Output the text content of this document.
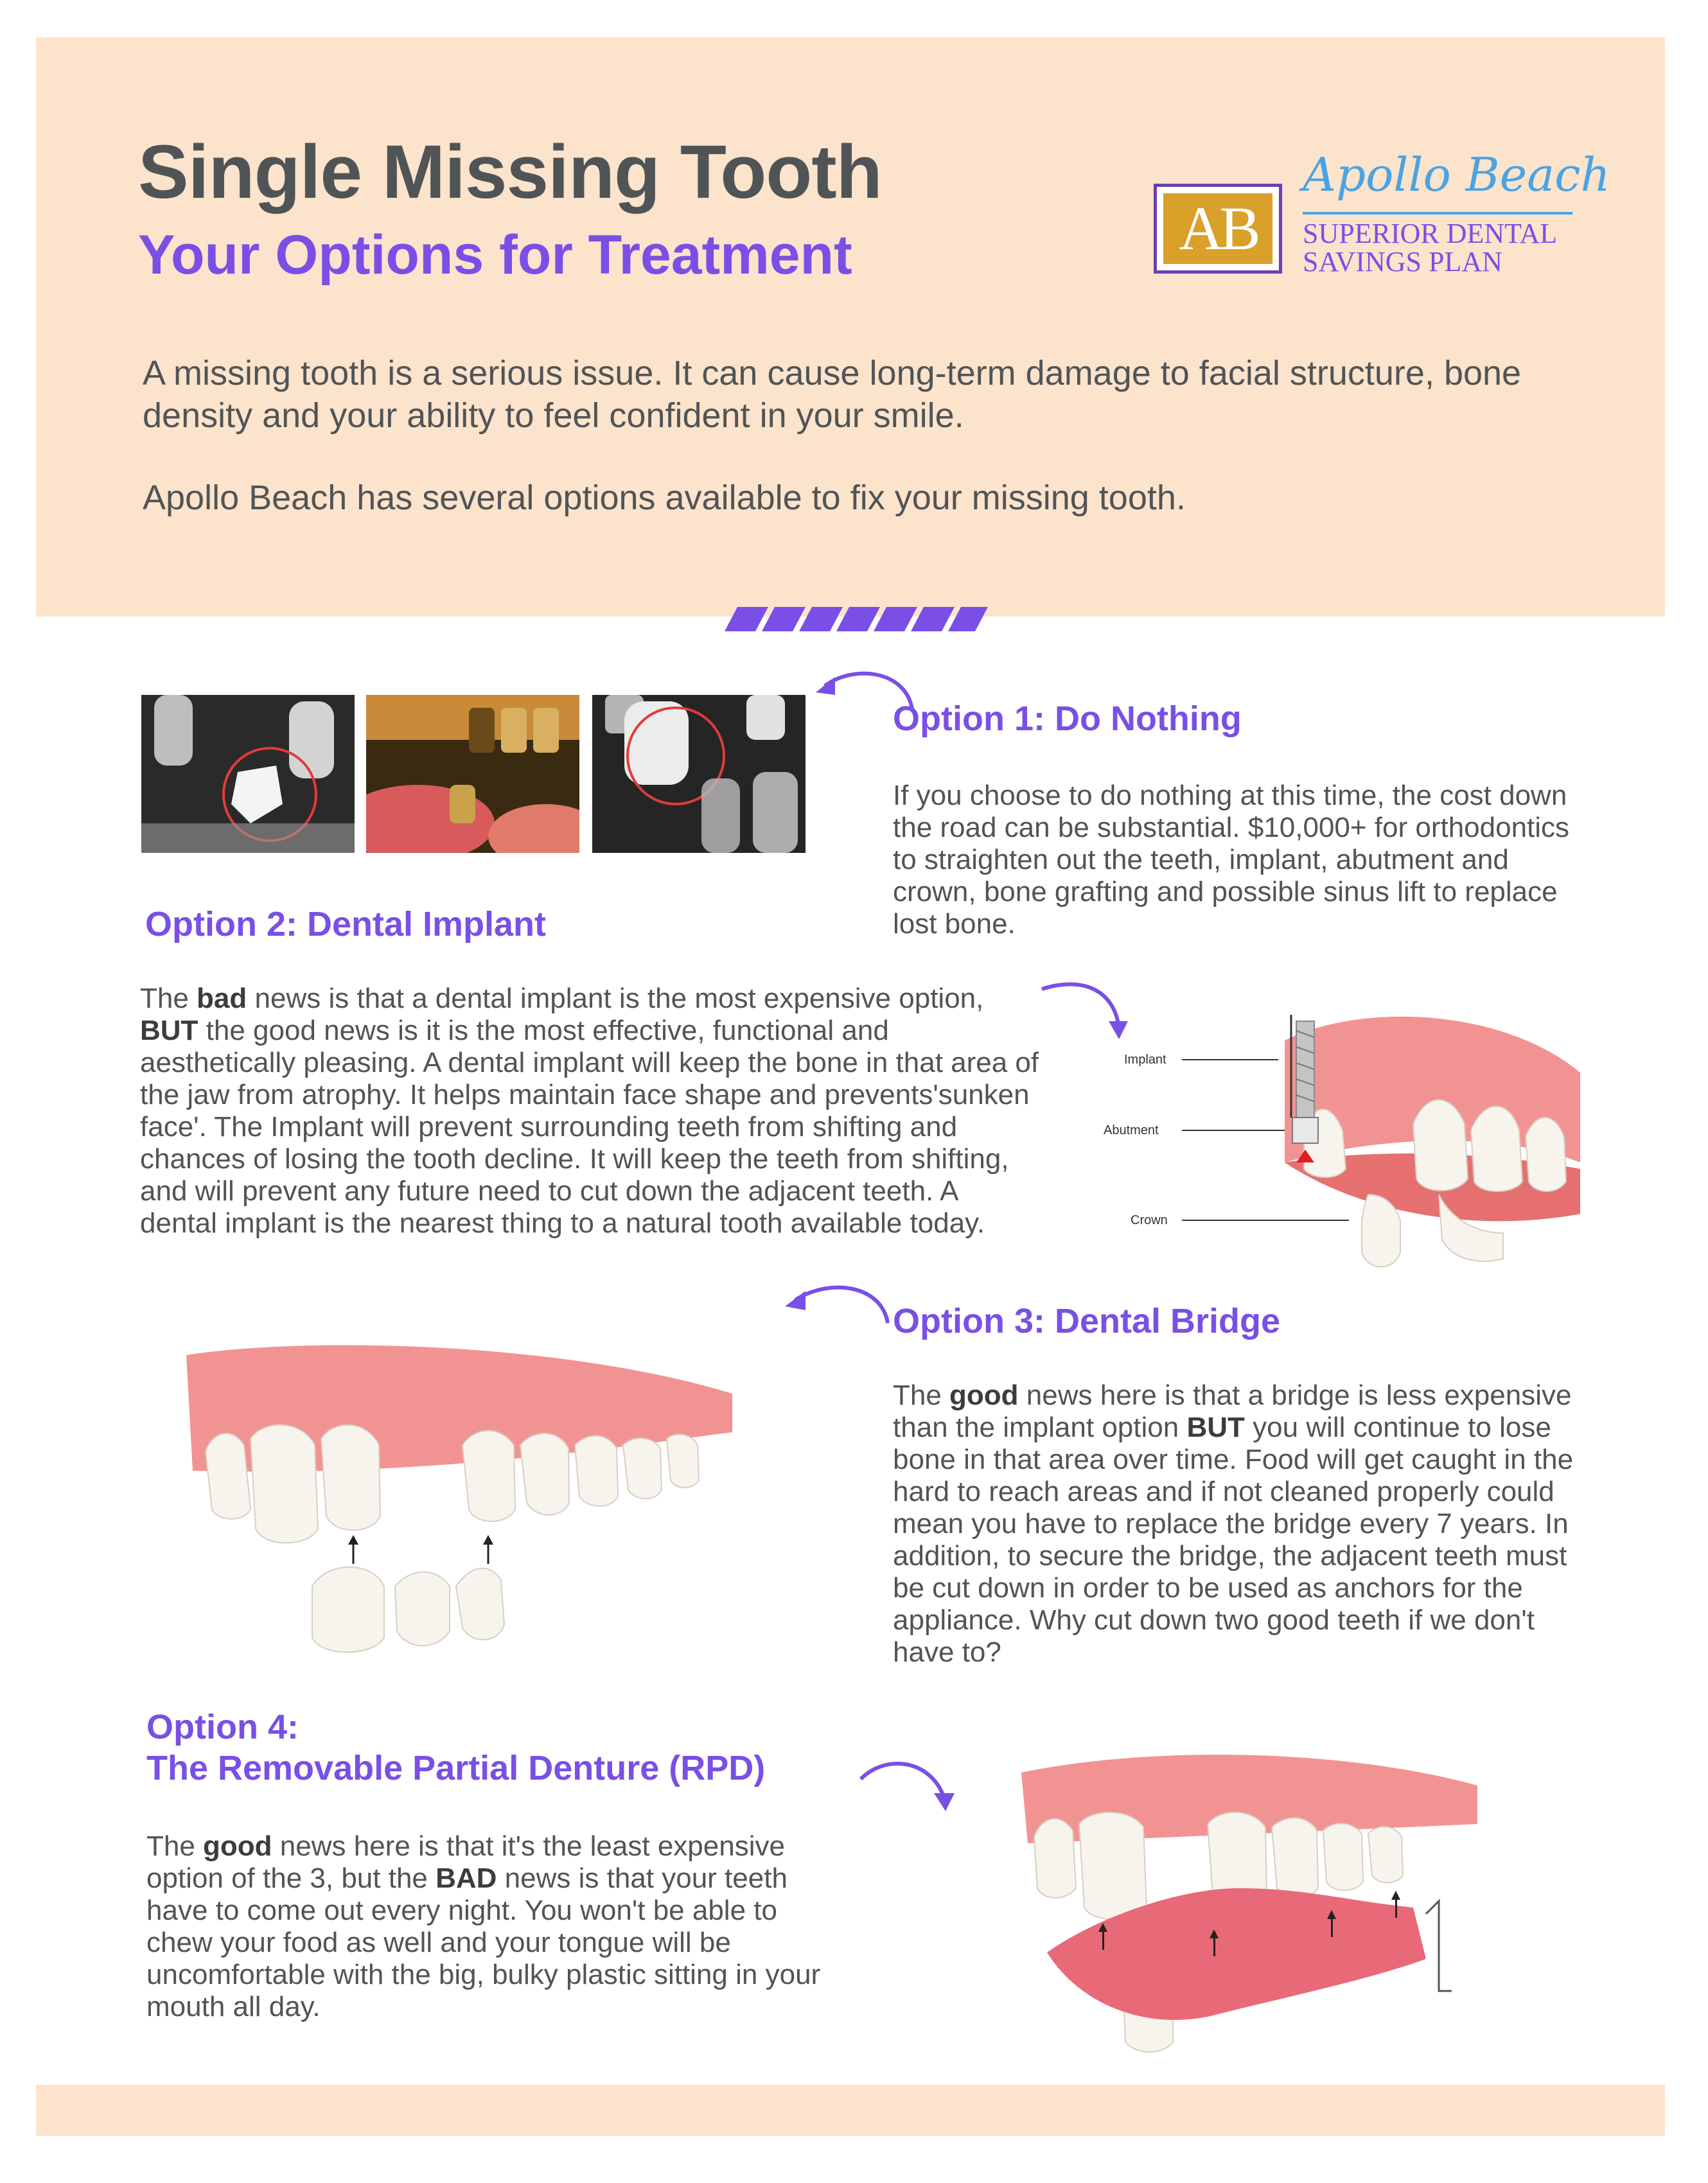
Single Missing Tooth
Your Options for Treatment
A missing tooth is a serious issue. It can cause long-term damage to facial structure, bone density and your ability to feel confident in your smile.
Apollo Beach has several options available to fix your missing tooth.
AB
Apollo Beach
SUPERIOR DENTAL
SAVINGS PLAN
Option 1: Do Nothing
If you choose to do nothing at this time, the cost down the road can be substantial. $10,000+ for orthodontics to straighten out the teeth, implant, abutment and crown, bone grafting and possible sinus lift to replace lost bone.
Option 2: Dental Implant
The bad news is that a dental implant is the most expensive option, BUT the good news is it is the most effective, functional and aesthetically pleasing. A dental implant will keep the bone in that area of the jaw from atrophy. It helps maintain face shape and prevents'sunken face'. The Implant will prevent surrounding teeth from shifting and chances of losing the tooth decline. It will keep the teeth from shifting, and will prevent any future need to cut down the adjacent teeth. A dental implant is the nearest thing to a natural tooth available today.
Implant
Abutment
Crown
Option 3: Dental Bridge
The good news here is that a bridge is less expensive than the implant option BUT you will continue to lose bone in that area over time. Food will get caught in the hard to reach areas and if not cleaned properly could mean you have to replace the bridge every 7 years. In addition, to secure the bridge, the adjacent teeth must be cut down in order to be used as anchors for the appliance. Why cut down two good teeth if we don't have to?
Option 4:
The Removable Partial Denture (RPD)
The good news here is that it's the least expensive option of the 3, but the BAD news is that your teeth have to come out every night. You won't be able to chew your food as well and your tongue will be uncomfortable with the big, bulky plastic sitting in your mouth all day.
